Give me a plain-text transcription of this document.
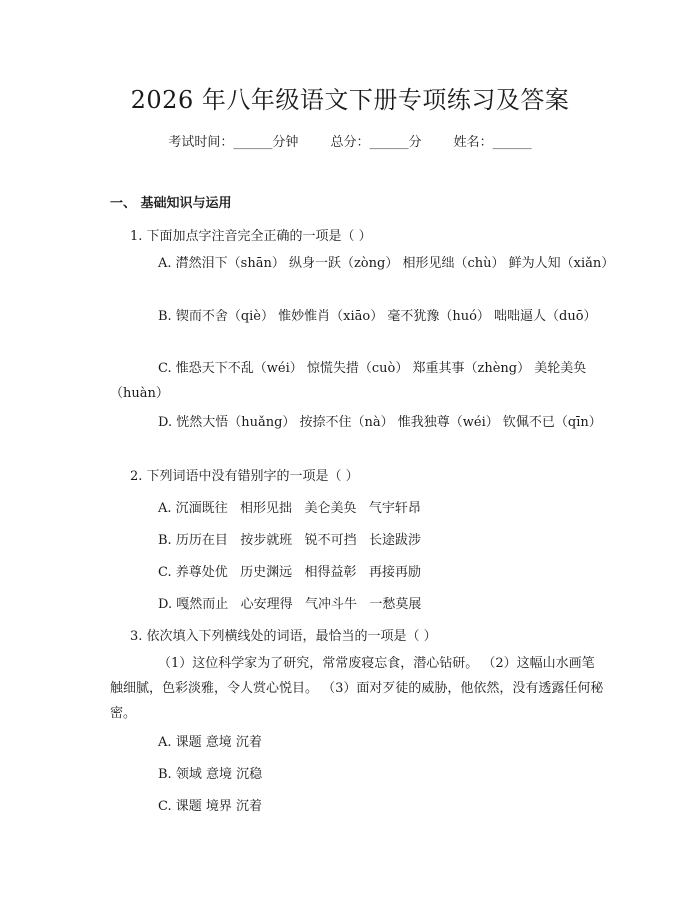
2026 年八年级语文下册专项练习及答案
考试时间：______分钟 总分：______分 姓名：______
一、 基础知识与运用
1. 下面加点字注音完全正确的一项是（ ）
A. 潸然泪下（shān） 纵身一跃（zòng） 相形见绌（chù） 鲜为人知（xiǎn）
B. 锲而不舍（qiè） 惟妙惟肖（xiāo） 毫不犹豫（huó） 咄咄逼人（duō）
C. 惟恐天下不乱（wéi） 惊慌失措（cuò） 郑重其事（zhèng） 美轮美奂（huàn）
D. 恍然大悟（huǎng） 按捺不住（nà） 惟我独尊（wéi） 钦佩不已（qīn）
2. 下列词语中没有错别字的一项是（ ）
A. 沉湎既往   相形见拙   美仑美奂   气宇轩昂
B. 历历在目   按步就班   锐不可挡   长途跋涉
C. 养尊处优   历史渊远   相得益彰   再接再励
D. 嘎然而止   心安理得   气冲斗牛   一愁莫展
3. 依次填入下列横线处的词语，最恰当的一项是（ ）
（1）这位科学家为了研究，常常废寝忘食，潜心钻研。 （2）这幅山水画笔触细腻，色彩淡雅，令人赏心悦目。 （3）面对歹徒的威胁，他依然，没有透露任何秘密。
A. 课题 意境 沉着
B. 领域 意境 沉稳
C. 课题 境界 沉着
